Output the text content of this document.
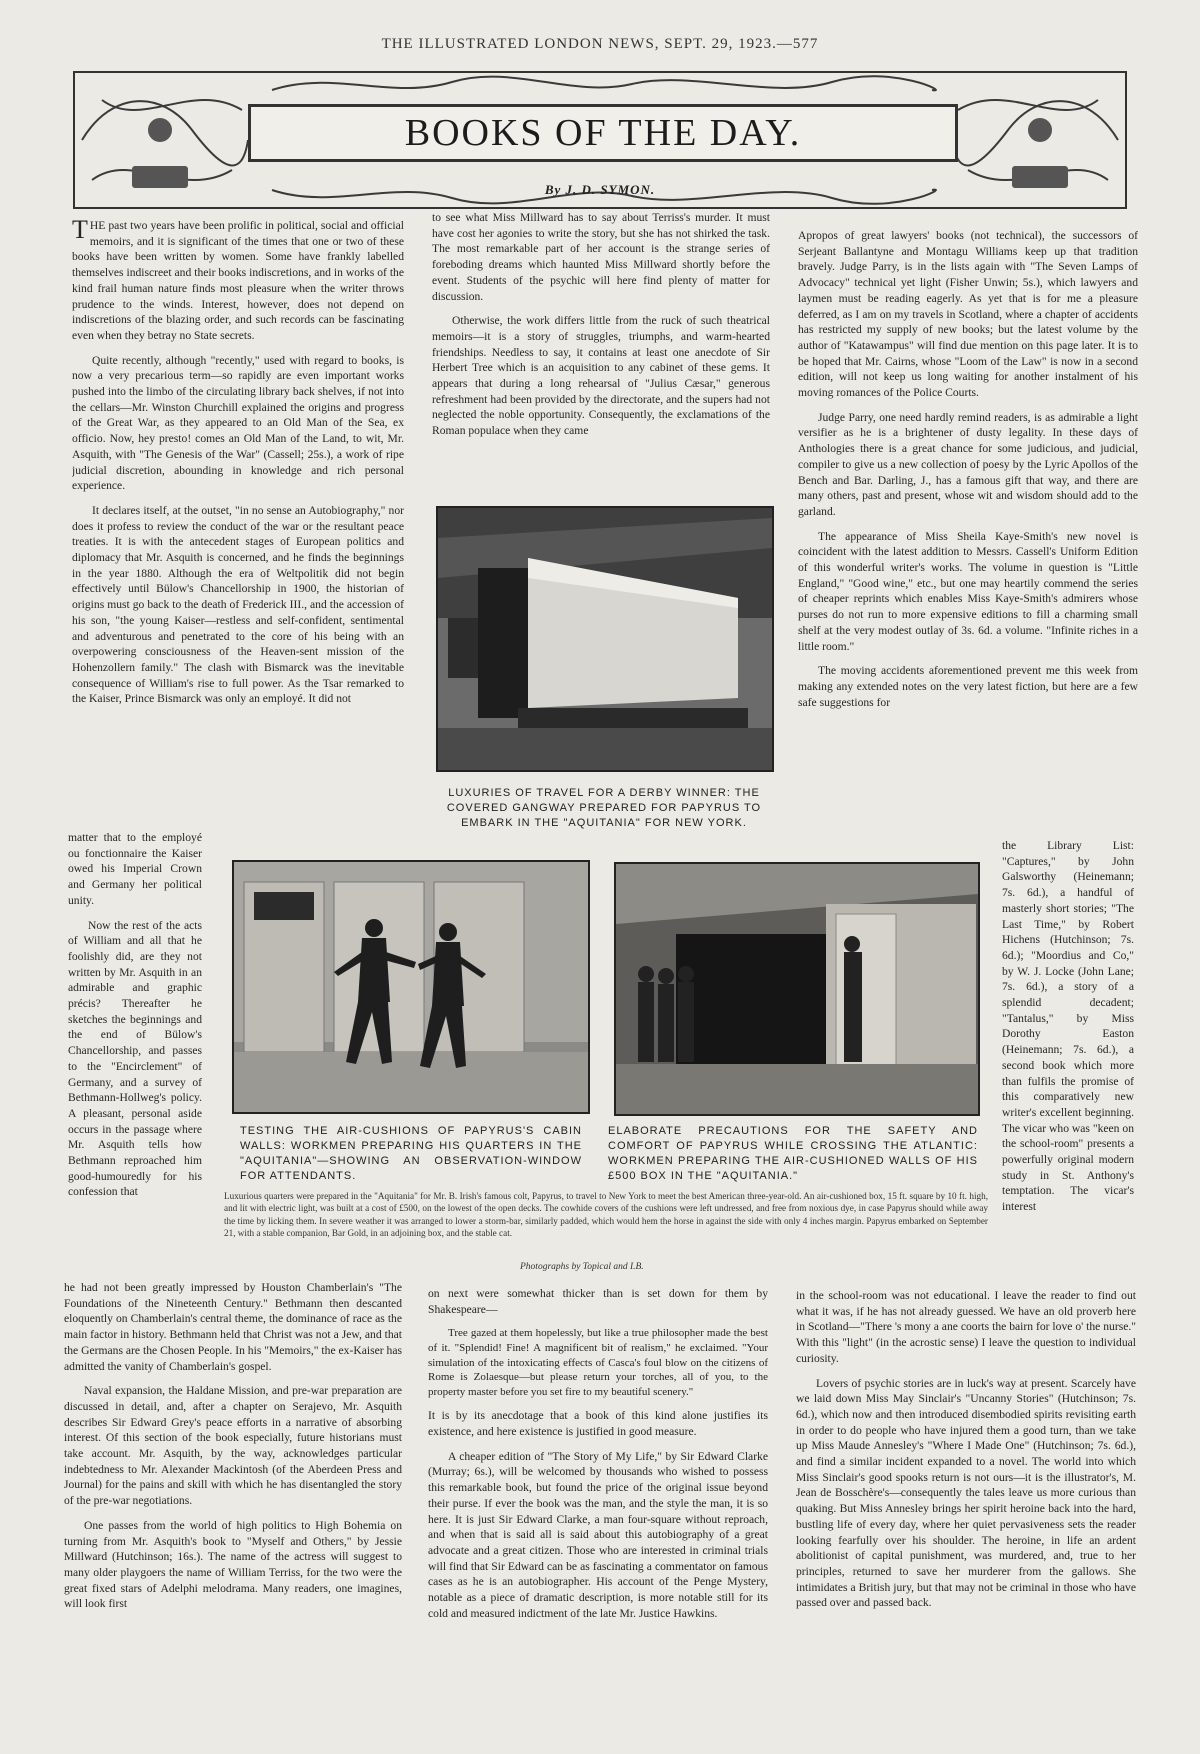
THE ILLUSTRATED LONDON NEWS, SEPT. 29, 1923.—577
BOOKS OF THE DAY.
By J. D. SYMON.

THE past two years have been prolific in political, social and official memoirs, and it is significant of the times that one or two of these books have been written by women. Some have frankly labelled themselves indiscreet and their books indiscretions, and in works of the kind frail human nature finds most pleasure when the writer throws prudence to the winds. Interest, however, does not depend on indiscretions of the blazing order, and such records can be fascinating even when they betray no State secrets.

Quite recently, although "recently," used with regard to books, is now a very precarious term—so rapidly are even important works pushed into the limbo of the circulating library back shelves, if not into the cellars—Mr. Winston Churchill explained the origins and progress of the Great War, as they appeared to an Old Man of the Sea, ex officio. Now, hey presto! comes an Old Man of the Land, to wit, Mr. Asquith, with "The Genesis of the War" (Cassell; 25s.), a work of ripe judicial discretion, abounding in knowledge and rich personal experience.

It declares itself, at the outset, "in no sense an Autobiography," nor does it profess to review the conduct of the war or the resultant peace treaties. It is with the antecedent stages of European politics and diplomacy that Mr. Asquith is concerned, and he finds the beginnings in the year 1880. Although the era of Weltpolitik did not begin effectively until Bülow's Chancellorship in 1900, the historian of origins must go back to the death of Frederick III., and the accession of his son, "the young Kaiser—restless and self-confident, sentimental and adventurous and penetrated to the core of his being with an overpowering consciousness of the Heaven-sent mission of the Hohenzollern family." The clash with Bismarck was the inevitable consequence of William's rise to full power. As the Tsar remarked to the Kaiser, Prince Bismarck was only an employé. It did not

matter that to the employé ou fonctionnaire the Kaiser owed his Imperial Crown and Germany her political unity.

Now the rest of the acts of William and all that he foolishly did, are they not written by Mr. Asquith in an admirable and graphic précis? Thereafter he sketches the beginnings and the end of Bülow's Chancellorship, and passes to the "Encirclement" of Germany, and a survey of Bethmann-Hollweg's policy. A pleasant, personal aside occurs in the passage where Mr. Asquith tells how Bethmann reproached him good-humouredly for his confession that

he had not been greatly impressed by Houston Chamberlain's "The Foundations of the Nineteenth Century." Bethmann then descanted eloquently on Chamberlain's central theme, the dominance of race as the main factor in history. Bethmann held that Christ was not a Jew, and that the Germans are the Chosen People. In his "Memoirs," the ex-Kaiser has admitted the vanity of Chamberlain's gospel.

Naval expansion, the Haldane Mission, and pre-war preparation are discussed in detail, and, after a chapter on Serajevo, Mr. Asquith describes Sir Edward Grey's peace efforts in a narrative of absorbing interest. Of this section of the book especially, future historians must take account. Mr. Asquith, by the way, acknowledges particular indebtedness to Mr. Alexander Mackintosh (of the Aberdeen Press and Journal) for the pains and skill with which he has disentangled the story of the pre-war negotiations.

One passes from the world of high politics to High Bohemia on turning from Mr. Asquith's book to "Myself and Others," by Jessie Millward (Hutchinson; 16s.). The name of the actress will suggest to many older playgoers the name of William Terriss, for the two were the great fixed stars of Adelphi melodrama. Many readers, one imagines, will look first

to see what Miss Millward has to say about Terriss's murder. It must have cost her agonies to write the story, but she has not shirked the task. The most remarkable part of her account is the strange series of foreboding dreams which haunted Miss Millward shortly before the event. Students of the psychic will here find plenty of matter for discussion.

Otherwise, the work differs little from the ruck of such theatrical memoirs—it is a story of struggles, triumphs, and warm-hearted friendships. Needless to say, it contains at least one anecdote of Sir Herbert Tree which is an acquisition to any cabinet of these gems. It appears that during a long rehearsal of "Julius Cæsar," generous refreshment had been provided by the directorate, and the supers had not neglected the noble opportunity. Consequently, the exclamations of the Roman populace when they came

LUXURIES OF TRAVEL FOR A DERBY WINNER: THE COVERED GANGWAY PREPARED FOR PAPYRUS TO EMBARK IN THE "AQUITANIA" FOR NEW YORK.

Apropos of great lawyers' books (not technical), the successors of Serjeant Ballantyne and Montagu Williams keep up that tradition bravely. Judge Parry, is in the lists again with "The Seven Lamps of Advocacy" technical yet light (Fisher Unwin; 5s.), which lawyers and laymen must be reading eagerly. As yet that is for me a pleasure deferred, as I am on my travels in Scotland, where a chapter of accidents has restricted my supply of new books; but the latest volume by the author of "Katawampus" will find due mention on this page later. It is to be hoped that Mr. Cairns, whose "Loom of the Law" is now in a second edition, will not keep us long waiting for another instalment of his moving romances of the Police Courts.

Judge Parry, one need hardly remind readers, is as admirable a light versifier as he is a brightener of dusty legality. In these days of Anthologies there is a great chance for some judicious, and judicial, compiler to give us a new collection of poesy by the Lyric Apollos of the Bench and Bar. Darling, J., has a famous gift that way, and there are many others, past and present, whose wit and wisdom should add to the garland.

The appearance of Miss Sheila Kaye-Smith's new novel is coincident with the latest addition to Messrs. Cassell's Uniform Edition of this wonderful writer's works. The volume in question is "Little England," "Good wine," etc., but one may heartily commend the series of cheaper reprints which enables Miss Kaye-Smith's admirers whose purses do not run to more expensive editions to fill a charming small shelf at the very modest outlay of 3s. 6d. a volume. "Infinite riches in a little room."

The moving accidents aforementioned prevent me this week from making any extended notes on the very latest fiction, but here are a few safe suggestions for

the Library List: "Captures," by John Galsworthy (Heinemann; 7s. 6d.), a handful of masterly short stories; "The Last Time," by Robert Hichens (Hutchinson; 7s. 6d.); "Moordius and Co," by W. J. Locke (John Lane; 7s. 6d.), a story of a splendid decadent; "Tantalus," by Miss Dorothy Easton (Heinemann; 7s. 6d.), a second book which more than fulfils the promise of this comparatively new writer's excellent beginning. The vicar who was "keen on the school-room" presents a powerfully original modern study in St. Anthony's temptation. The vicar's interest

TESTING THE AIR-CUSHIONS OF PAPYRUS'S CABIN WALLS: WORKMEN PREPARING HIS QUARTERS IN THE "AQUITANIA"—SHOWING AN OBSERVATION-WINDOW FOR ATTENDANTS.
ELABORATE PRECAUTIONS FOR THE SAFETY AND COMFORT OF PAPYRUS WHILE CROSSING THE ATLANTIC: WORKMEN PREPARING THE AIR-CUSHIONED WALLS OF HIS £500 BOX IN THE "AQUITANIA."
Luxurious quarters were prepared in the "Aquitania" for Mr. B. Irish's famous colt, Papyrus, to travel to New York to meet the best American three-year-old. An air-cushioned box, 15 ft. square by 10 ft. high, and lit with electric light, was built at a cost of £500, on the lowest of the open decks. The cowhide covers of the cushions were left undressed, and free from noxious dye, in case Papyrus should while away the time by licking them. In severe weather it was arranged to lower a storm-bar, similarly padded, which would hem the horse in against the side with only 4 inches margin. Papyrus embarked on September 21, with a stable companion, Bar Gold, in an adjoining box, and the stable cat.
Photographs by Topical and I.B.

on next were somewhat thicker than is set down for them by Shakespeare—

Tree gazed at them hopelessly, but like a true philosopher made the best of it. "Splendid! Fine! A magnificent bit of realism," he exclaimed. "Your simulation of the intoxicating effects of Casca's foul blow on the citizens of Rome is Zolaesque—but please return your torches, all of you, to the property master before you set fire to my beautiful scenery."

It is by its anecdotage that a book of this kind alone justifies its existence, and here existence is justified in good measure.

A cheaper edition of "The Story of My Life," by Sir Edward Clarke (Murray; 6s.), will be welcomed by thousands who wished to possess this remarkable book, but found the price of the original issue beyond their purse. If ever the book was the man, and the style the man, it is so here. It is just Sir Edward Clarke, a man four-square without reproach, and when that is said all is said about this autobiography of a great advocate and a great citizen. Those who are interested in criminal trials will find that Sir Edward can be as fascinating a commentator on famous cases as he is an autobiographer. His account of the Penge Mystery, notable as a piece of dramatic description, is more notable still for its cold and measured indictment of the late Mr. Justice Hawkins.

in the school-room was not educational. I leave the reader to find out what it was, if he has not already guessed. We have an old proverb here in Scotland—"There 's mony a ane coorts the bairn for love o' the nurse." With this "light" (in the acrostic sense) I leave the question to individual curiosity.

Lovers of psychic stories are in luck's way at present. Scarcely have we laid down Miss May Sinclair's "Uncanny Stories" (Hutchinson; 7s. 6d.), which now and then introduced disembodied spirits revisiting earth in order to do people who have injured them a good turn, than we take up Miss Maude Annesley's "Where I Made One" (Hutchinson; 7s. 6d.), and find a similar incident expanded to a novel. The world into which Miss Sinclair's good spooks return is not ours—it is the illustrator's, M. Jean de Bosschère's—consequently the tales leave us more curious than quaking. But Miss Annesley brings her spirit heroine back into the hard, bustling life of every day, where her quiet pervasiveness sets the reader looking fearfully over his shoulder. The heroine, in life an ardent abolitionist of capital punishment, was murdered, and, true to her principles, returned to save her murderer from the gallows. She intimidates a British jury, but that may not be criminal in those who have passed over and passed back.
